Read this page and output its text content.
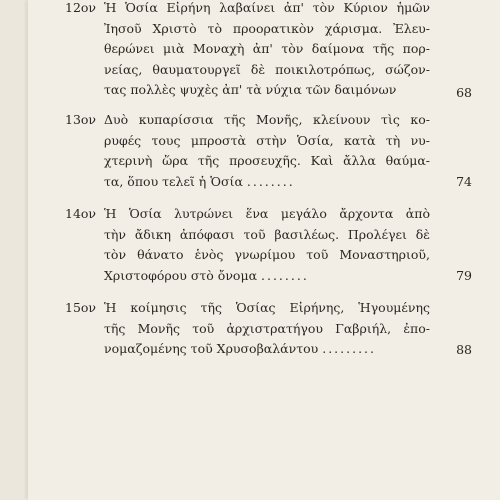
12ον Ἡ Ὁσία Εἰρήνη λαβαίνει ἀπ' τὸν Κύριον ἡμῶν
Ἰησοῦ Χριστὸ τὸ προορατικὸν χάρισμα. Ἐλευ-
θερώνει μιὰ Μοναχὴ ἀπ' τὸν δαίμονα τῆς πορ-
νείας, θαυματουργεῖ δὲ ποικιλοτρόπως, σώζον-
τας πολλὲς ψυχὲς ἀπ' τὰ νύχια τῶν δαιμόνων	68
13ον Δυὸ κυπαρίσσια τῆς Μονῆς, κλείνουν τὶς κο-
ρυφές τους μπροστὰ στὴν Ὁσία, κατὰ τὴ νυ-
χτερινὴ ὥρα τῆς προσευχῆς. Καὶ ἄλλα θαύμα-
τα, ὅπου τελεῖ ἡ Ὁσία ........	74
14ον Ἡ Ὁσία λυτρώνει ἕνα μεγάλο ἄρχοντα ἀπὸ
τὴν ἄδικη ἀπόφασι τοῦ βασιλέως. Προλέγει δὲ
τὸν θάνατο ἑνὸς γνωρίμου τοῦ Μοναστηριοῦ,
Χριστοφόρου στὸ ὄνομα ........	79
15ον Ἡ κοίμησις τῆς Ὁσίας Εἰρήνης, Ἡγουμένης
τῆς Μονῆς τοῦ ἀρχιστρατήγου Γαβριήλ, ἐπο-
νομαζομένης τοῦ Χρυσοβαλάντου .........	88
